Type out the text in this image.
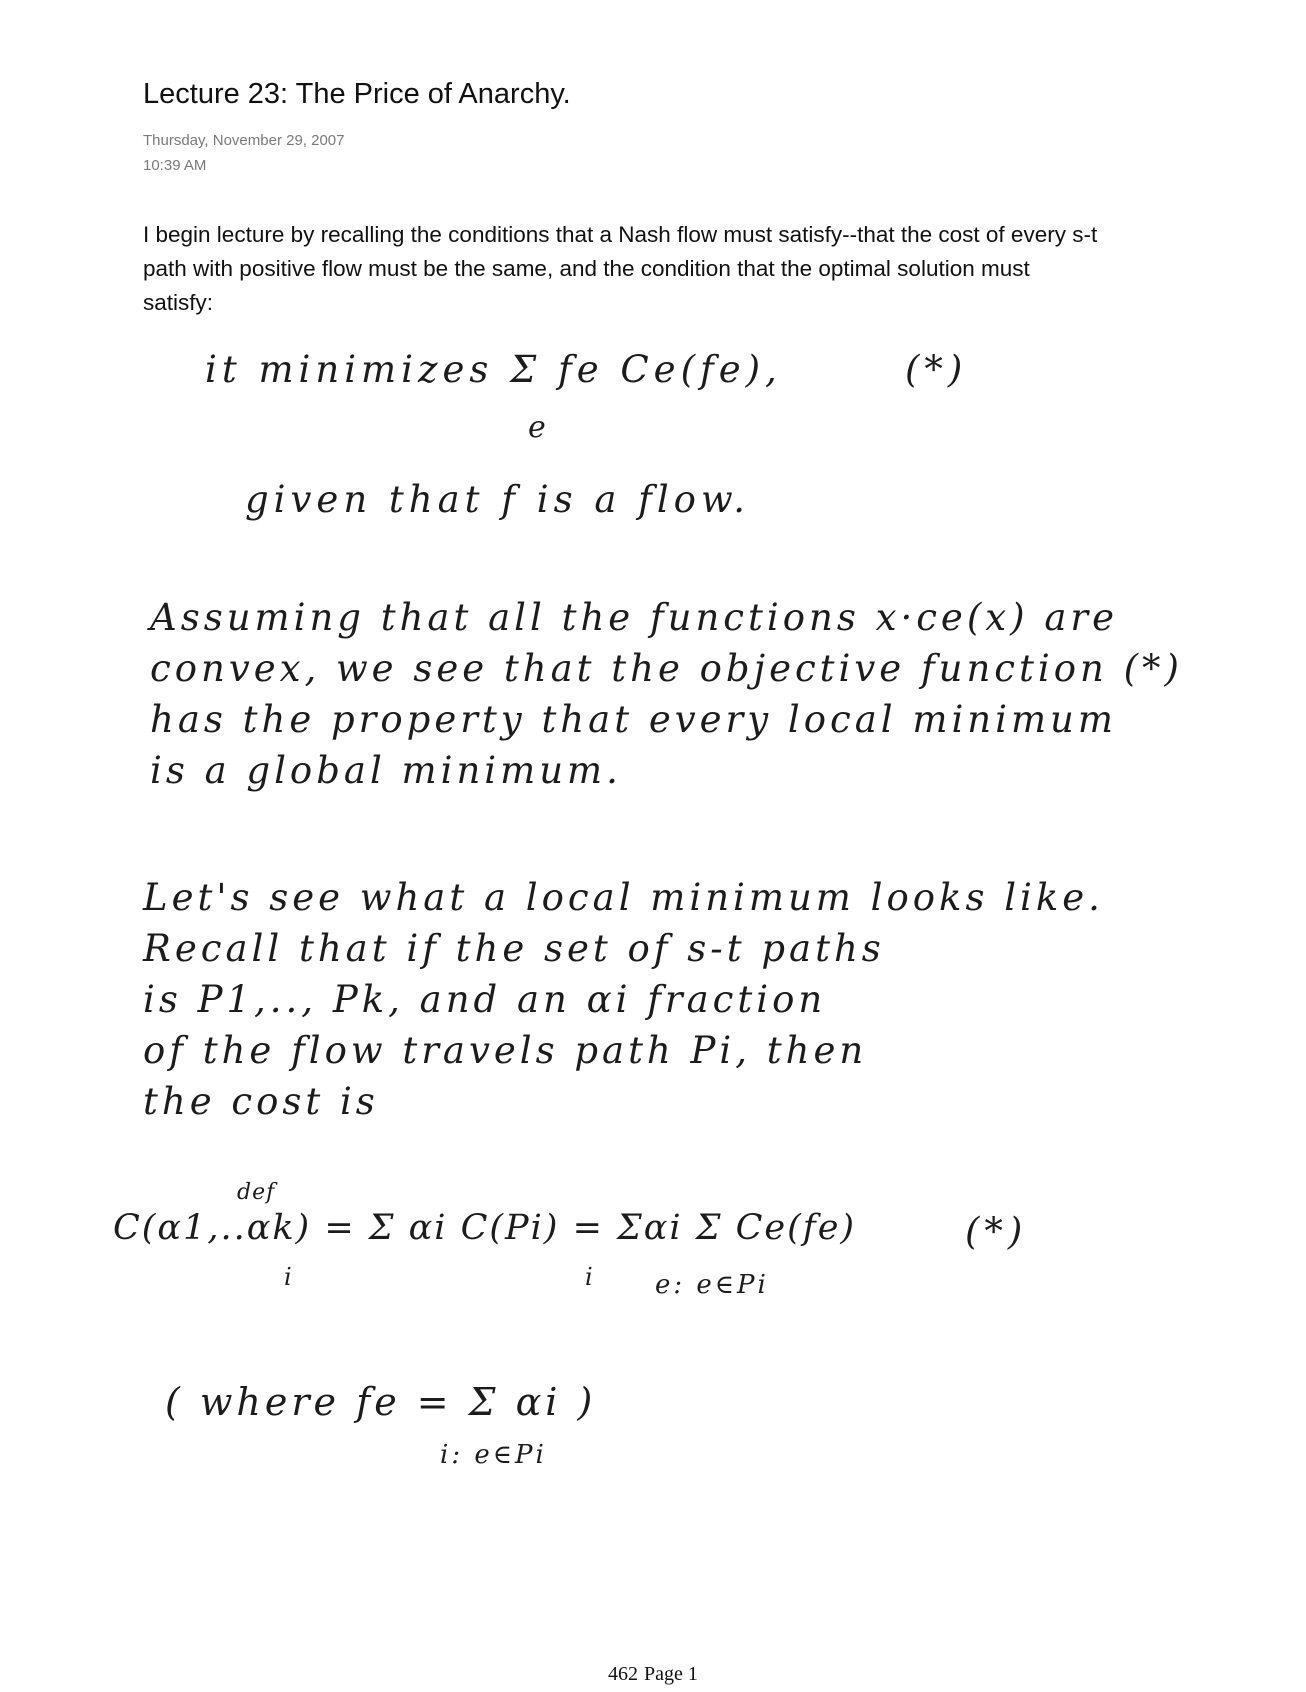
Lecture 23: The Price of Anarchy.
Thursday, November 29, 2007
10:39 AM

I begin lecture by recalling the conditions that a Nash flow must satisfy--that the cost of every s-t path with positive flow must be the same, and the condition that the optimal solution must satisfy:

it minimizes Σ fe Ce(fe),
e
(*)
given that f is a flow.
Assuming that all the functions x·ce(x) are
convex, we see that the objective function (*)
has the property that every local minimum
is a global minimum.
Let's see what a local minimum looks like.
Recall that if the set of s-t paths
is P1,.., Pk, and an αi fraction
of the flow travels path Pi, then
the cost is
def
C(α1,..αk) = Σ αi C(Pi) = Σαi Σ Ce(fe)
i	i e: e∈Pi
(*)
( where fe = Σ αi )
i: e∈Pi
462 Page 1
